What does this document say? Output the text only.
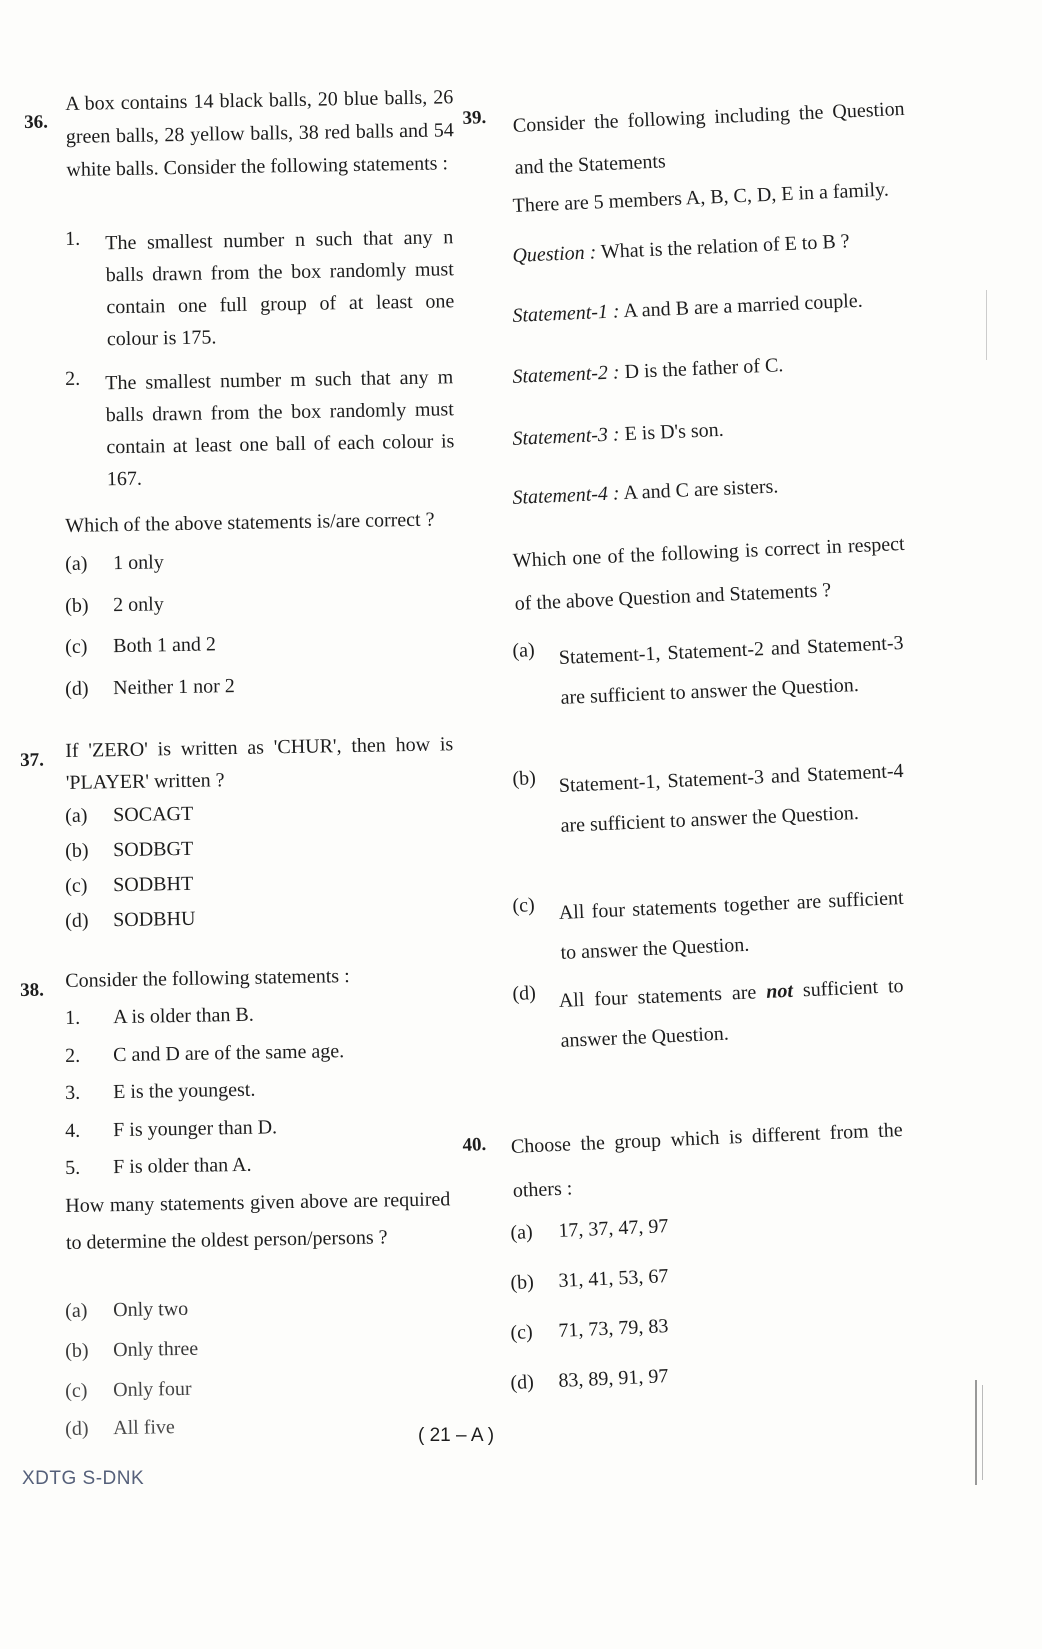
36.
A box contains 14 black balls, 20 blue balls, 26 green balls, 28 yellow balls, 38 red balls and 54 white balls. Consider the following statements :
1. The smallest number n such that any n balls drawn from the box randomly must contain one full group of at least one colour is 175.
2. The smallest number m such that any m balls drawn from the box randomly must contain at least one ball of each colour is 167.
Which of the above statements is/are correct ?
(a) 1 only
(b) 2 only
(c) Both 1 and 2
(d) Neither 1 nor 2
37. If 'ZERO' is written as 'CHUR', then how is 'PLAYER' written ?
(a) SOCAGT
(b) SODBGT
(c) SODBHT
(d) SODBHU
38. Consider the following statements :
1. A is older than B.
2. C and D are of the same age.
3. E is the youngest.
4. F is younger than D.
5. F is older than A.
How many statements given above are required to determine the oldest person/persons ?
(a) Only two
(b) Only three
(c) Only four
(d) All five
39. Consider the following including the Question and the Statements
There are 5 members A, B, C, D, E in a family.
Question : What is the relation of E to B ?
Statement-1 : A and B are a married couple.
Statement-2 : D is the father of C.
Statement-3 : E is D's son.
Statement-4 : A and C are sisters.
Which one of the following is correct in respect of the above Question and Statements ?
(a) Statement-1, Statement-2 and Statement-3 are sufficient to answer the Question.
(b) Statement-1, Statement-3 and Statement-4 are sufficient to answer the Question.
(c) All four statements together are sufficient to answer the Question.
(d) All four statements are not sufficient to answer the Question.
40. Choose the group which is different from the others :
(a) 17, 37, 47, 97
(b) 31, 41, 53, 67
(c) 71, 73, 79, 83
(d) 83, 89, 91, 97
( 21 – A )
XDTG S-DNK
